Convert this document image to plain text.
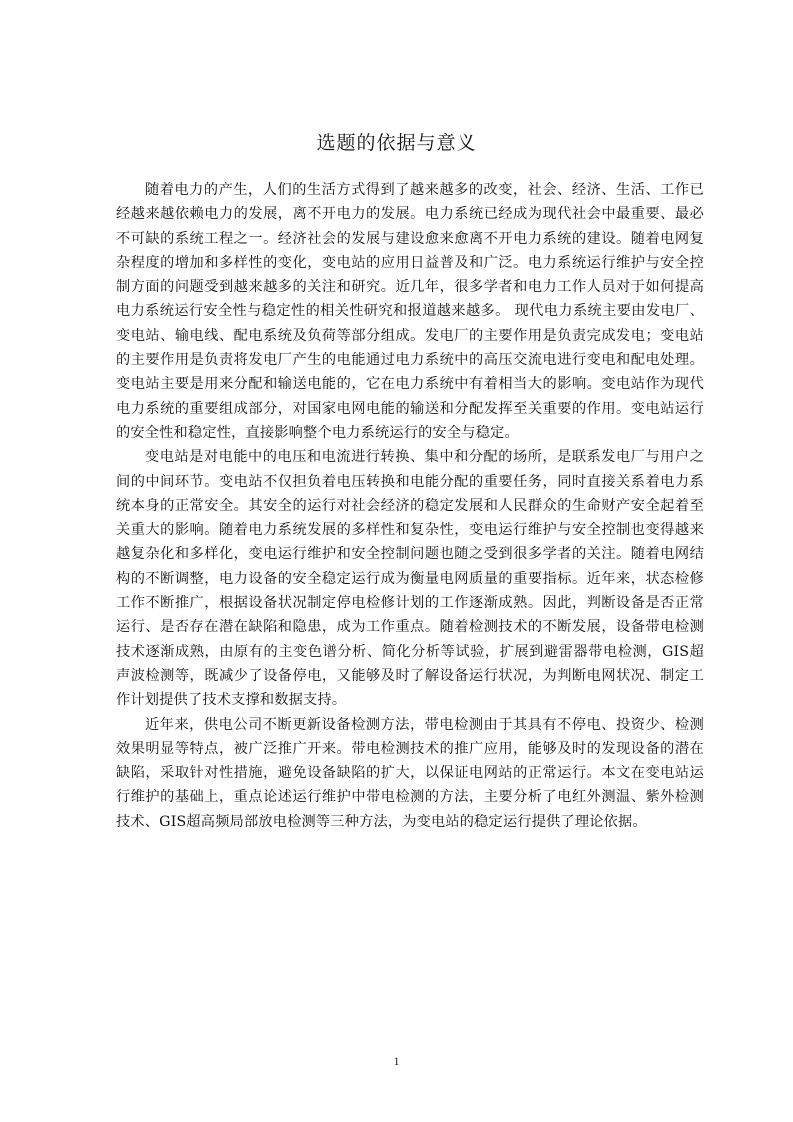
选题的依据与意义

随着电力的产生，人们的生活方式得到了越来越多的改变，社会、经济、生活、工作已经越来越依赖电力的发展，离不开电力的发展。电力系统已经成为现代社会中最重要、最必不可缺的系统工程之一。经济社会的发展与建设愈来愈离不开电力系统的建设。随着电网复杂程度的增加和多样性的变化，变电站的应用日益普及和广泛。电力系统运行维护与安全控制方面的问题受到越来越多的关注和研究。近几年，很多学者和电力工作人员对于如何提高电力系统运行安全性与稳定性的相关性研究和报道越来越多。 现代电力系统主要由发电厂、变电站、输电线、配电系统及负荷等部分组成。发电厂的主要作用是负责完成发电；变电站的主要作用是负责将发电厂产生的电能通过电力系统中的高压交流电进行变电和配电处理。变电站主要是用来分配和输送电能的，它在电力系统中有着相当大的影响。变电站作为现代电力系统的重要组成部分，对国家电网电能的输送和分配发挥至关重要的作用。变电站运行的安全性和稳定性，直接影响整个电力系统运行的安全与稳定。

变电站是对电能中的电压和电流进行转换、集中和分配的场所，是联系发电厂与用户之间的中间环节。变电站不仅担负着电压转换和电能分配的重要任务，同时直接关系着电力系统本身的正常安全。其安全的运行对社会经济的稳定发展和人民群众的生命财产安全起着至关重大的影响。随着电力系统发展的多样性和复杂性，变电运行维护与安全控制也变得越来越复杂化和多样化，变电运行维护和安全控制问题也随之受到很多学者的关注。随着电网结构的不断调整，电力设备的安全稳定运行成为衡量电网质量的重要指标。近年来，状态检修工作不断推广，根据设备状况制定停电检修计划的工作逐渐成熟。因此，判断设备是否正常运行、是否存在潜在缺陷和隐患，成为工作重点。随着检测技术的不断发展，设备带电检测技术逐渐成熟，由原有的主变色谱分析、简化分析等试验，扩展到避雷器带电检测，GIS超声波检测等，既减少了设备停电，又能够及时了解设备运行状况，为判断电网状况、制定工作计划提供了技术支撑和数据支持。

近年来，供电公司不断更新设备检测方法，带电检测由于其具有不停电、投资少、检测效果明显等特点，被广泛推广开来。带电检测技术的推广应用，能够及时的发现设备的潜在缺陷，采取针对性措施，避免设备缺陷的扩大，以保证电网站的正常运行。本文在变电站运行维护的基础上，重点论述运行维护中带电检测的方法，主要分析了电红外测温、紫外检测技术、GIS超高频局部放电检测等三种方法，为变电站的稳定运行提供了理论依据。

1
